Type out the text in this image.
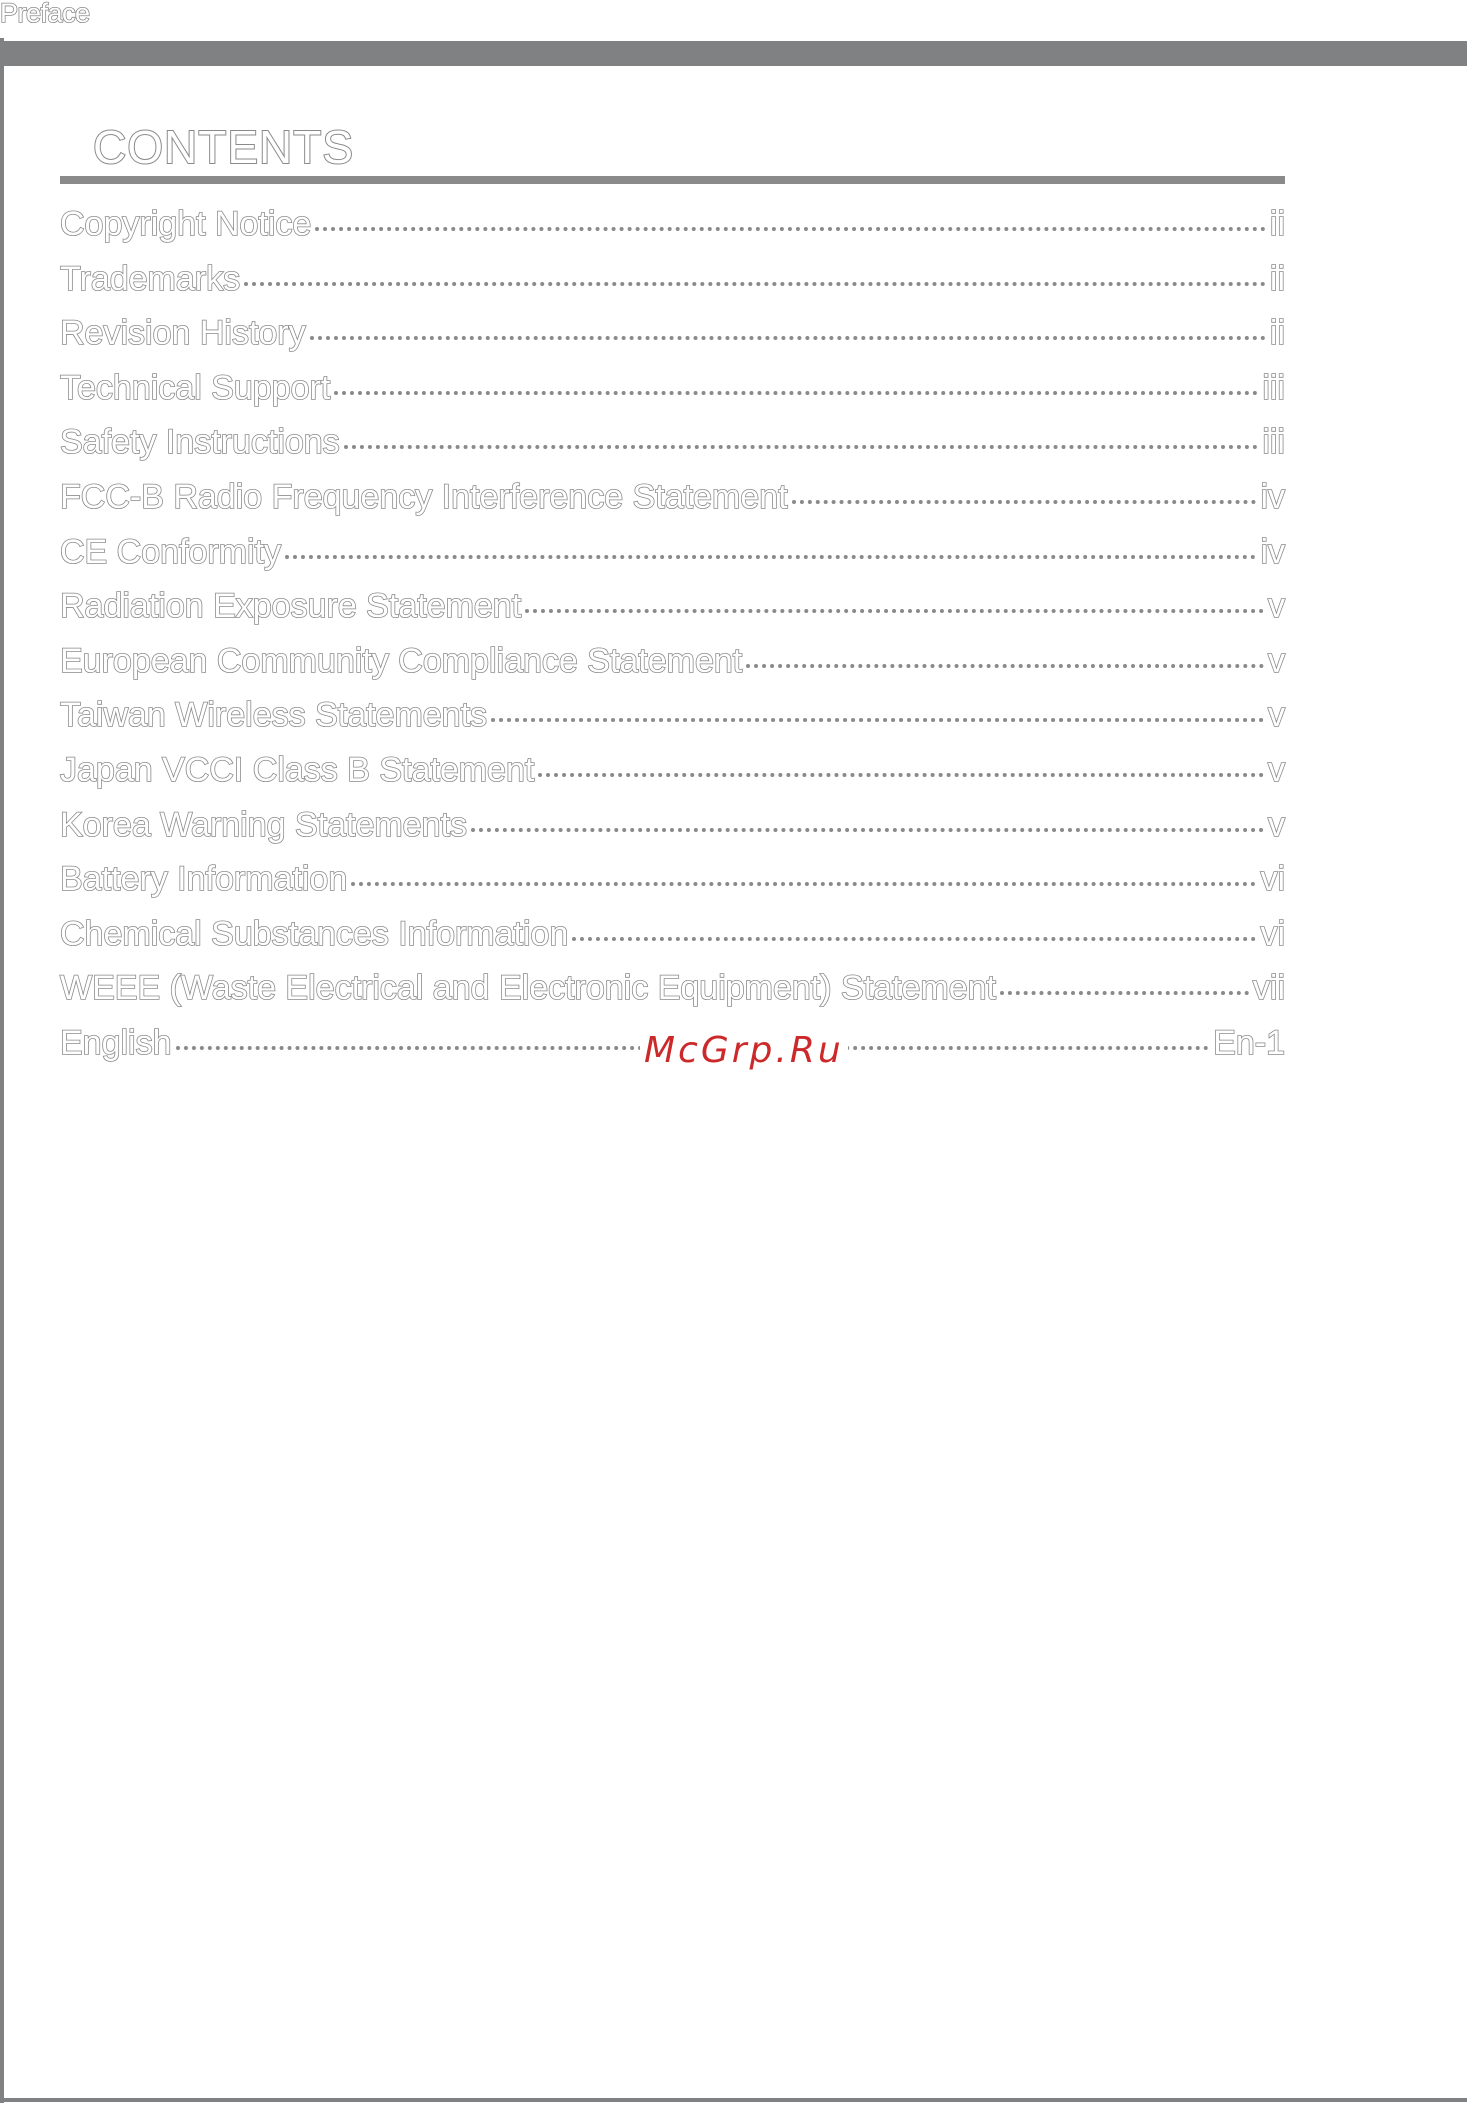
Preface
CONTENTS
Copyright Notice	ii
Trademarks	ii
Revision History	ii
Technical Support	iii
Safety Instructions	iii
FCC-B Radio Frequency Interference Statement	iv
CE Conformity	iv
Radiation Exposure Statement	v
European Community Compliance Statement	v
Taiwan Wireless Statements	v
Japan VCCI Class B Statement	v
Korea Warning Statements	v
Battery Information	vi
Chemical Substances Information	vi
WEEE (Waste Electrical and Electronic Equipment) Statement	vii
English	En-1
McGrp.Ru
